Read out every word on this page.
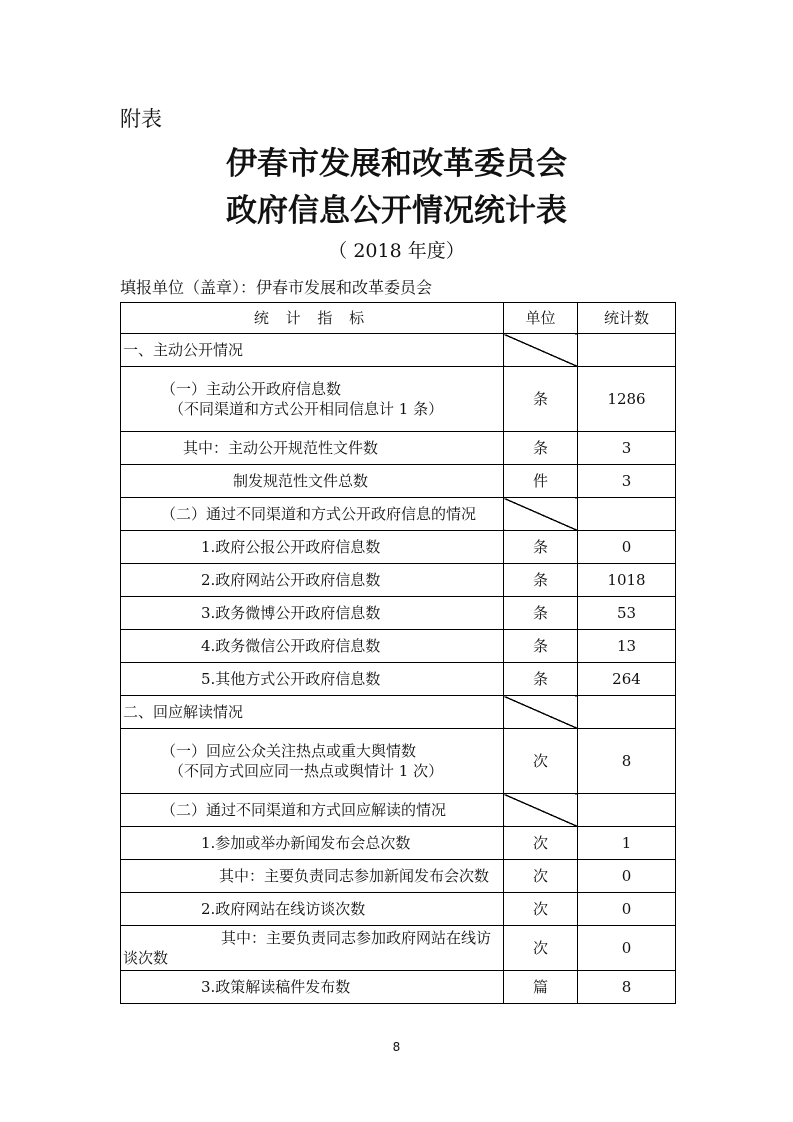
附表
伊春市发展和改革委员会
政府信息公开情况统计表
（ 2018 年度）
填报单位（盖章）：伊春市发展和改革委员会
统 计 指 标	单位	统计数
一、主动公开情况		
（一）主动公开政府信息数
（不同渠道和方式公开相同信息计 1 条）	条	1286
其中：主动公开规范性文件数	条	3
制发规范性文件总数	件	3
（二）通过不同渠道和方式公开政府信息的情况		
1.政府公报公开政府信息数	条	0
2.政府网站公开政府信息数	条	1018
3.政务微博公开政府信息数	条	53
4.政务微信公开政府信息数	条	13
5.其他方式公开政府信息数	条	264
二、回应解读情况		
（一）回应公众关注热点或重大舆情数
（不同方式回应同一热点或舆情计 1 次）	次	8
（二）通过不同渠道和方式回应解读的情况		
1.参加或举办新闻发布会总次数	次	1
其中：主要负责同志参加新闻发布会次数	次	0
2.政府网站在线访谈次数	次	0

其中：主要负责同志参加政府网站在线访谈次数	次	0
3.政策解读稿件发布数	篇	8
8
